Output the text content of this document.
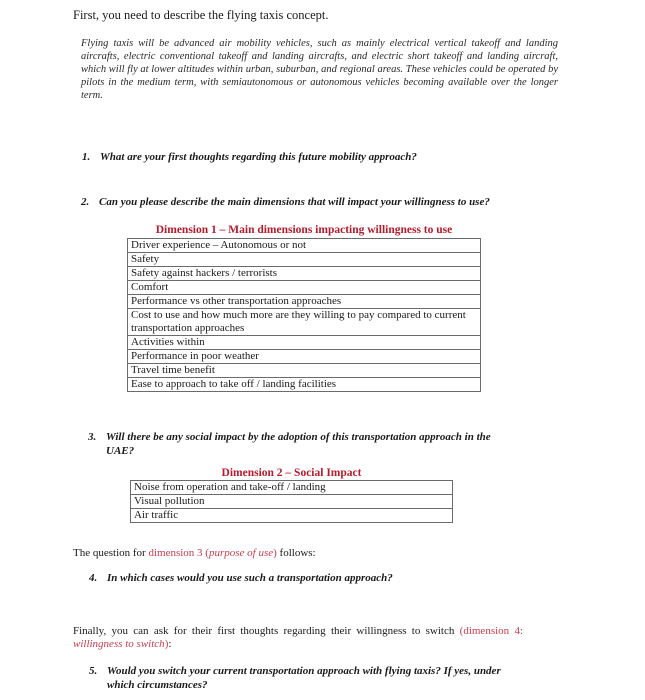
First, you need to describe the flying taxis concept.
Flying taxis will be advanced air mobility vehicles, such as mainly electrical vertical takeoff and landing aircrafts, electric conventional takeoff and landing aircrafts, and electric short takeoff and landing aircraft, which will fly at lower altitudes within urban, suburban, and regional areas. These vehicles could be operated by pilots in the medium term, with semiautonomous or autonomous vehicles becoming available over the longer term.
1. What are your first thoughts regarding this future mobility approach?
2. Can you please describe the main dimensions that will impact your willingness to use?
Dimension 1 – Main dimensions impacting willingness to use
Driver experience – Autonomous or not
Safety
Safety against hackers / terrorists
Comfort
Performance vs other transportation approaches
Cost to use and how much more are they willing to pay compared to current transportation approaches
Activities within
Performance in poor weather
Travel time benefit
Ease to approach to take off / landing facilities
3. Will there be any social impact by the adoption of this transportation approach in the
UAE?
Dimension 2 – Social Impact
Noise from operation and take-off / landing
Visual pollution
Air traffic
The question for dimension 3 (purpose of use) follows:
4. In which cases would you use such a transportation approach?
Finally, you can ask for their first thoughts regarding their willingness to switch (dimension 4: willingness to switch):
5. Would you switch your current transportation approach with flying taxis? If yes, under
which circumstances?
